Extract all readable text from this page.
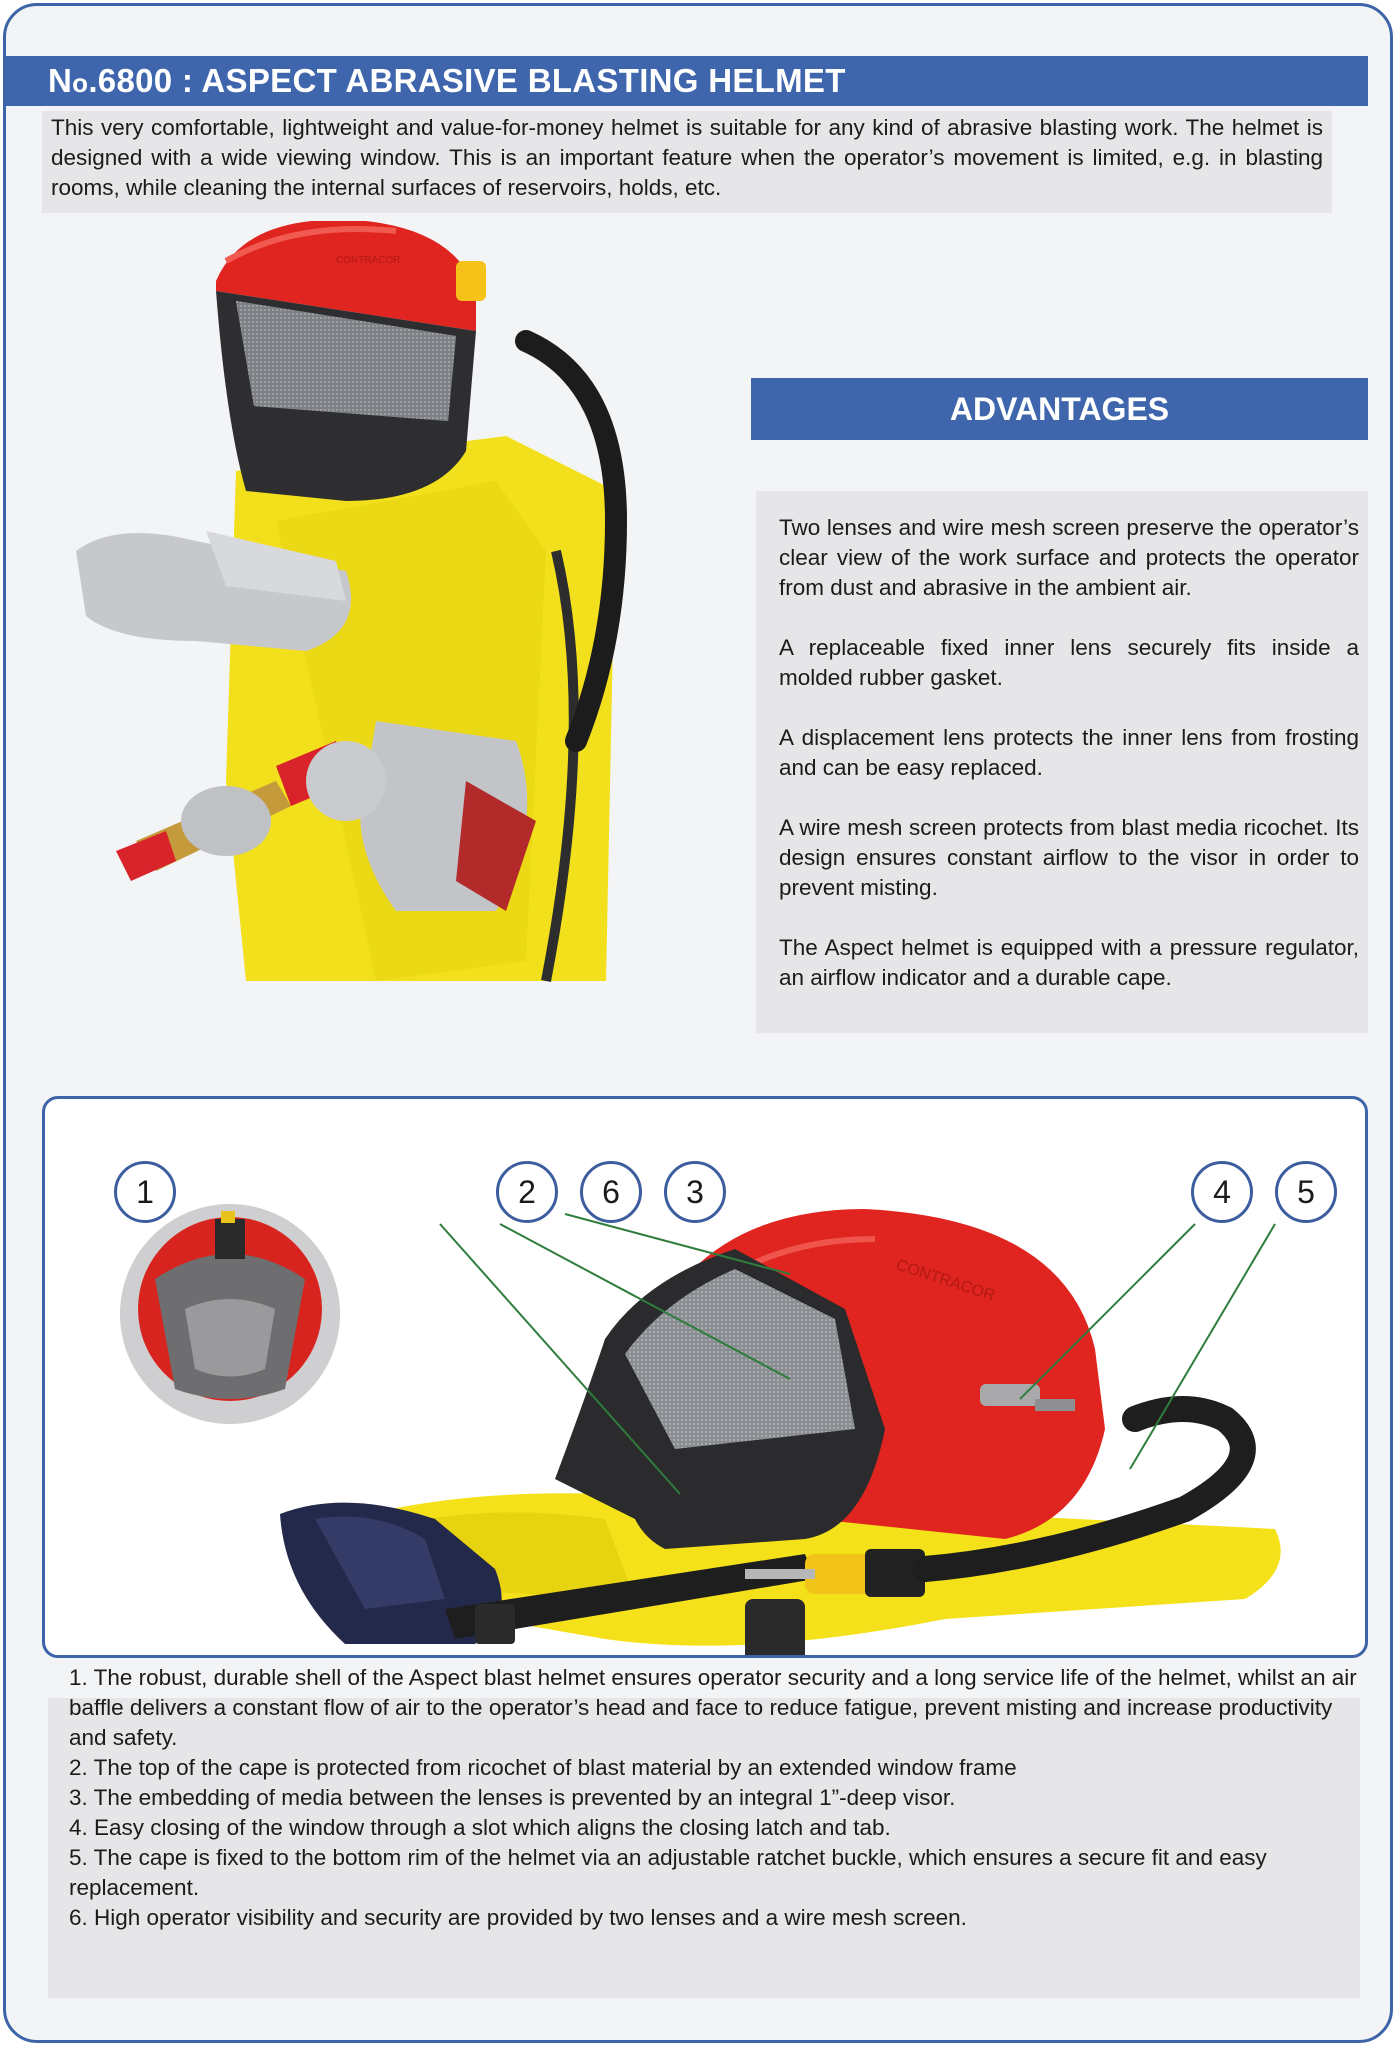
No.6800 : ASPECT ABRASIVE BLASTING HELMET
This very comfortable, lightweight and value-for-money helmet is suitable for any kind of abrasive blasting work. The helmet is designed with a wide viewing window. This is an important feature when the operator’s movement is limited, e.g. in blasting rooms, while cleaning the internal surfaces of reservoirs, holds, etc.
CONTRACOR
ADVANTAGES

Two lenses and wire mesh screen preserve the operator’s clear view of the work surface and protects the operator from dust and abrasive in the ambient air.

A replaceable fixed inner lens securely fits inside a molded rubber gasket.

A displacement lens protects the inner lens from frosting and can be easy replaced.

A wire mesh screen protects from blast media ricochet. Its design ensures constant airflow to the visor in order to prevent misting.

The Aspect helmet is equipped with a pressure regulator, an airflow indicator and a durable cape.

CONTRACOR
1	2	6	3	4	5

1. The robust, durable shell of the Aspect blast helmet ensures operator security and a long service life of the helmet, whilst an air baffle delivers a constant flow of air to the operator’s head and face to reduce fatigue, prevent misting and increase productivity and safety.

2. The top of the cape is protected from ricochet of blast material by an extended window frame

3. The embedding of media between the lenses is prevented by an integral 1”-deep visor.

4. Easy closing of the window through a slot which aligns the closing latch and tab.

5. The cape is fixed to the bottom rim of the helmet via an adjustable ratchet buckle, which ensures a secure fit and easy replacement.

6. High operator visibility and security are provided by two lenses and a wire mesh screen.
